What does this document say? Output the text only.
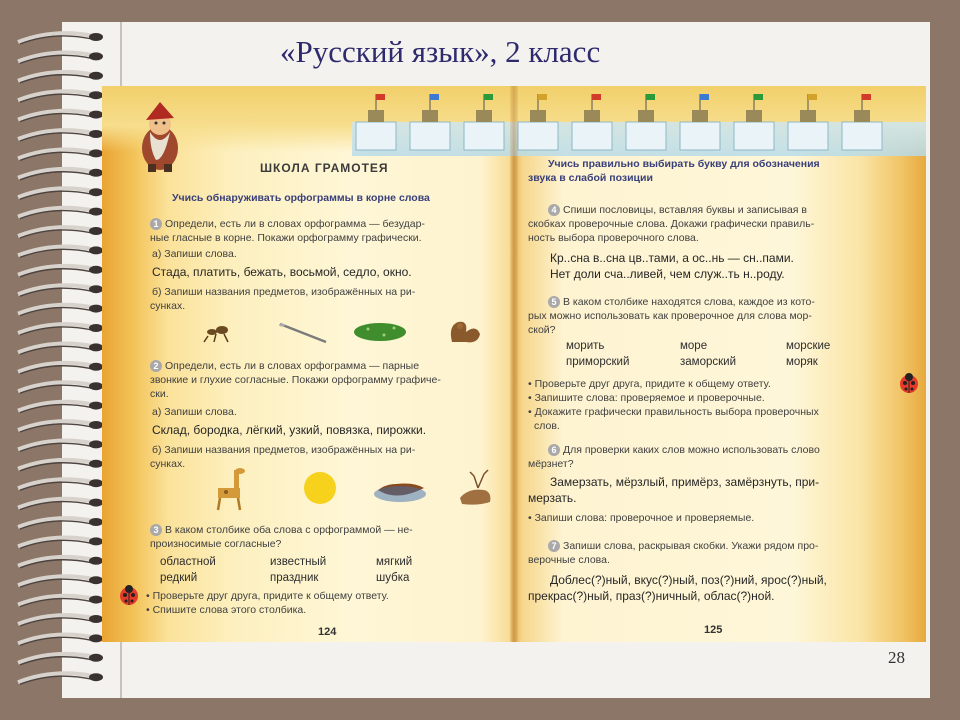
«Русский язык», 2 класс
ШКОЛА ГРАМОТЕЯ
Учись обнаруживать орфограммы в корне слова
1 Определи, есть ли в словах орфограмма — безудар-
ные гласные в корне. Покажи орфограмму графически.
а) Запиши слова.
Стада, платить, бежать, восьмой, седло, окно.
б) Запиши названия предметов, изображённых на ри-
сунках.
2 Определи, есть ли в словах орфограмма — парные
звонкие и глухие согласные. Покажи орфограмму графиче-
ски.
а) Запиши слова.
Склад, бородка, лёгкий, узкий, повязка, пирожки.
б) Запиши названия предметов, изображённых на ри-
сунках.
3 В каком столбике оба слова с орфограммой — не-
произносимые согласные?
областной
редкий
известный
праздник
мягкий
шубка
• Проверьте друг друга, придите к общему ответу.
• Спишите слова этого столбика.
124
Учись правильно выбирать букву для обозначения
звука в слабой позиции
4 Спиши пословицы, вставляя буквы и записывая в
скобках проверочные слова. Докажи графически правиль-
ность выбора проверочного слова.
Кр..сна в..сна цв..тами, а ос..нь — сн..пами.
Нет доли сча..ливей, чем служ..ть н..роду.
5 В каком столбике находятся слова, каждое из кото-
рых можно использовать как проверочное для слова мор-
ской?
морить
приморский
море
заморский
морские
моряк
• Проверьте друг друга, придите к общему ответу.
• Запишите слова: проверяемое и проверочные.
• Докажите графически правильность выбора проверочных
слов.
6 Для проверки каких слов можно использовать слово
мёрзнет?
Замерзать, мёрзлый, примёрз, замёрзнуть, при-
мерзать.
• Запиши слова: проверочное и проверяемые.
7 Запиши слова, раскрывая скобки. Укажи рядом про-
верочные слова.
Доблес(?)ный, вкус(?)ный, поз(?)ний, ярос(?)ный,
прекрас(?)ный, праз(?)ничный, облас(?)ной.
125
28
